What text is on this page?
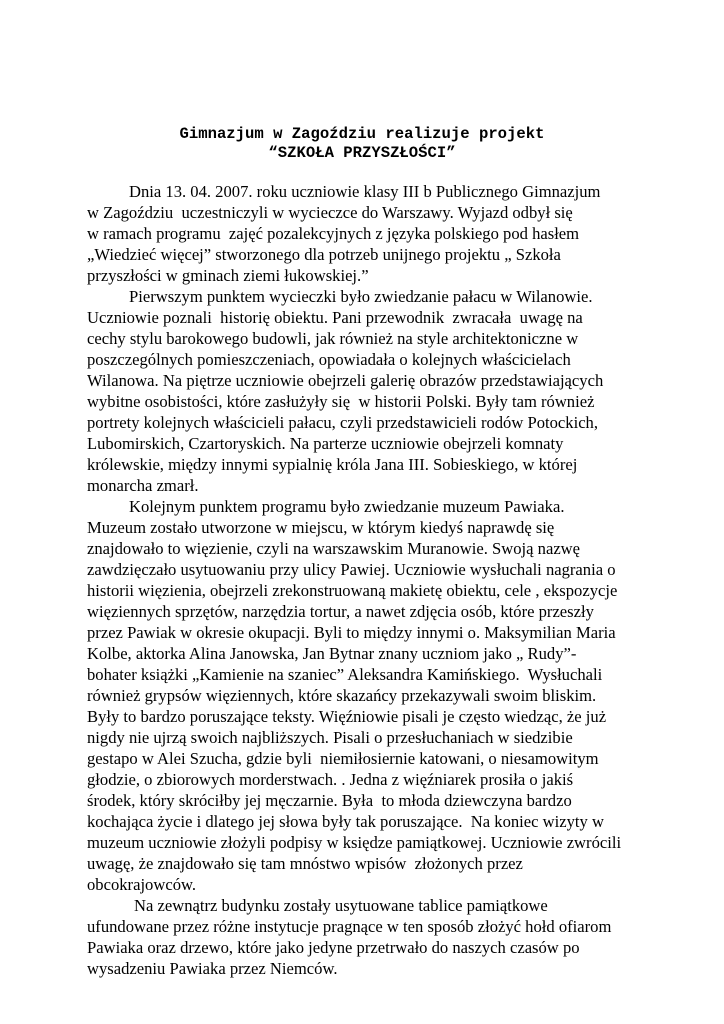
Gimnazjum w Zagoździu realizuje projekt
“SZKOŁA PRZYSZŁOŚCI”
Dnia 13. 04. 2007. roku uczniowie klasy III b Publicznego Gimnazjum
w Zagoździu  uczestniczyli w wycieczce do Warszawy. Wyjazd odbył się
w ramach programu  zajęć pozalekcyjnych z języka polskiego pod hasłem
„Wiedzieć więcej” stworzonego dla potrzeb unijnego projektu „ Szkoła
przyszłości w gminach ziemi łukowskiej.”
Pierwszym punktem wycieczki było zwiedzanie pałacu w Wilanowie.
Uczniowie poznali  historię obiektu. Pani przewodnik  zwracała  uwagę na
cechy stylu barokowego budowli, jak również na style architektoniczne w
poszczególnych pomieszczeniach, opowiadała o kolejnych właścicielach
Wilanowa. Na piętrze uczniowie obejrzeli galerię obrazów przedstawiających
wybitne osobistości, które zasłużyły się  w historii Polski. Były tam również
portrety kolejnych właścicieli pałacu, czyli przedstawicieli rodów Potockich,
Lubomirskich, Czartoryskich. Na parterze uczniowie obejrzeli komnaty
królewskie, między innymi sypialnię króla Jana III. Sobieskiego, w której
monarcha zmarł.
Kolejnym punktem programu było zwiedzanie muzeum Pawiaka.
Muzeum zostało utworzone w miejscu, w którym kiedyś naprawdę się
znajdowało to więzienie, czyli na warszawskim Muranowie. Swoją nazwę
zawdzięczało usytuowaniu przy ulicy Pawiej. Uczniowie wysłuchali nagrania o
historii więzienia, obejrzeli zrekonstruowaną makietę obiektu, cele , ekspozycje
więziennych sprzętów, narzędzia tortur, a nawet zdjęcia osób, które przeszły
przez Pawiak w okresie okupacji. Byli to między innymi o. Maksymilian Maria
Kolbe, aktorka Alina Janowska, Jan Bytnar znany uczniom jako „ Rudy”-
bohater książki „Kamienie na szaniec” Aleksandra Kamińskiego.  Wysłuchali
również grypsów więziennych, które skazańcy przekazywali swoim bliskim.
Były to bardzo poruszające teksty. Więźniowie pisali je często wiedząc, że już
nigdy nie ujrzą swoich najbliższych. Pisali o przesłuchaniach w siedzibie
gestapo w Alei Szucha, gdzie byli  niemiłosiernie katowani, o niesamowitym
głodzie, o zbiorowych morderstwach. . Jedna z więźniarek prosiła o jakiś
środek, który skróciłby jej męczarnie. Była  to młoda dziewczyna bardzo
kochająca życie i dlatego jej słowa były tak poruszające.  Na koniec wizyty w
muzeum uczniowie złożyli podpisy w księdze pamiątkowej. Uczniowie zwrócili
uwagę, że znajdowało się tam mnóstwo wpisów  złożonych przez
obcokrajowców.
Na zewnątrz budynku zostały usytuowane tablice pamiątkowe
ufundowane przez różne instytucje pragnące w ten sposób złożyć hołd ofiarom
Pawiaka oraz drzewo, które jako jedyne przetrwało do naszych czasów po
wysadzeniu Pawiaka przez Niemców.
